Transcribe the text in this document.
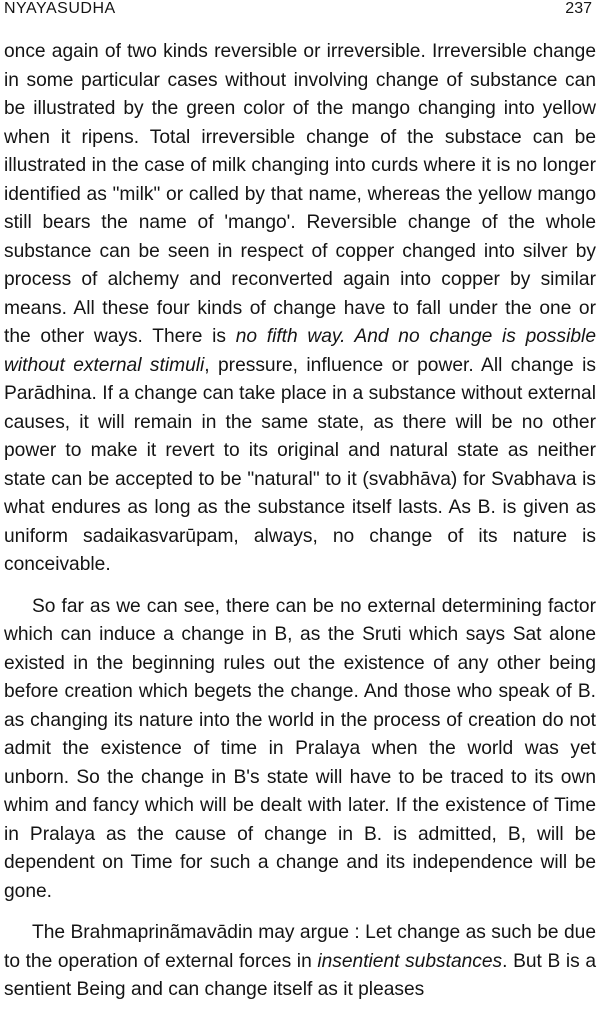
NYAYASUDHA	237

once again of two kinds reversible or irreversible. Irreversible change in some particular cases without involving change of substance can be illustrated by the green color of the mango changing into yellow when it ripens. Total irreversible change of the substace can be illustrated in the case of milk changing into curds where it is no longer identified as "milk" or called by that name, whereas the yellow mango still bears the name of 'mango'. Reversible change of the whole substance can be seen in respect of copper changed into silver by process of alchemy and reconverted again into copper by similar means. All these four kinds of change have to fall under the one or the other ways. There is no fifth way. And no change is possible without external stimuli, pressure, influence or power. All change is Parādhina. If a change can take place in a substance without external causes, it will remain in the same state, as there will be no other power to make it revert to its original and natural state as neither state can be accepted to be "natural" to it (svabhāva) for Svabhava is what endures as long as the substance itself lasts. As B. is given as uniform sadaikasvarūpam, always, no change of its nature is conceivable.

So far as we can see, there can be no external determining factor which can induce a change in B, as the Sruti which says Sat alone existed in the beginning rules out the existence of any other being before creation which begets the change. And those who speak of B. as changing its nature into the world in the process of creation do not admit the existence of time in Pralaya when the world was yet unborn. So the change in B's state will have to be traced to its own whim and fancy which will be dealt with later. If the existence of Time in Pralaya as the cause of change in B. is admitted, B, will be dependent on Time for such a change and its independence will be gone.

The Brahmaprinãmavādin may argue : Let change as such be due to the operation of external forces in insentient substances. But B is a sentient Being and can change itself as it pleases
